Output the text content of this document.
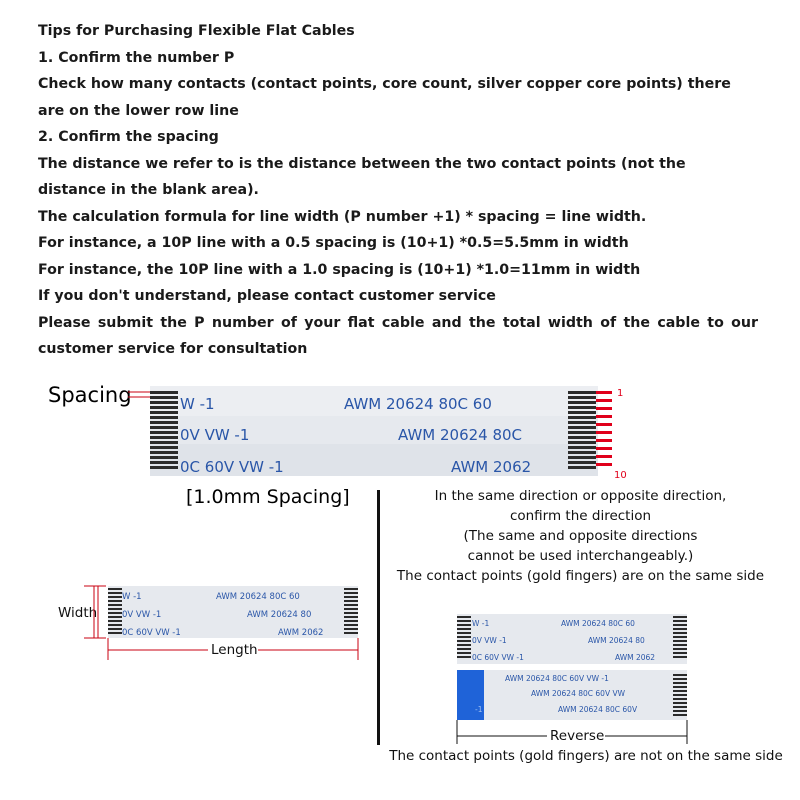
Tips for Purchasing Flexible Flat Cables

1. Confirm the number P

Check how many contacts (contact points, core count, silver copper core points) there are on the lower row line

2. Confirm the spacing

The distance we refer to is the distance between the two contact points (not the distance in the blank area).

The calculation formula for line width (P number +1) * spacing = line width.

For instance, a 10P line with a 0.5 spacing is (10+1) *0.5=5.5mm in width

For instance, the 10P line with a 1.0 spacing is (10+1) *1.0=11mm in width

If you don't understand, please contact customer service

Please submit the P number of your flat cable and the total width of the cable to our customer service for consultation

Spacing	1
10
W -1	AWM 20624 80C 60
0V VW -1	AWM 20624 80C
0C 60V VW -1	AWM 2062
[1.0mm Spacing]	In the same direction or opposite direction,
confirm the direction
(The same and opposite directions
cannot be used interchangeably.)
The contact points (gold fingers) are on the same side
Width
W -1	AWM 20624 80C 60
0V VW -1	AWM 20624 80
0C 60V VW -1	AWM 2062
Length
W -1	AWM 20624 80C 60
0V VW -1	AWM 20624 80
0C 60V VW -1	AWM 2062
AWM 20624 80C 60V VW -1
AWM 20624 80C 60V VW
AWM 20624 80C 60V
-1
Reverse
The contact points (gold fingers) are not on the same side
